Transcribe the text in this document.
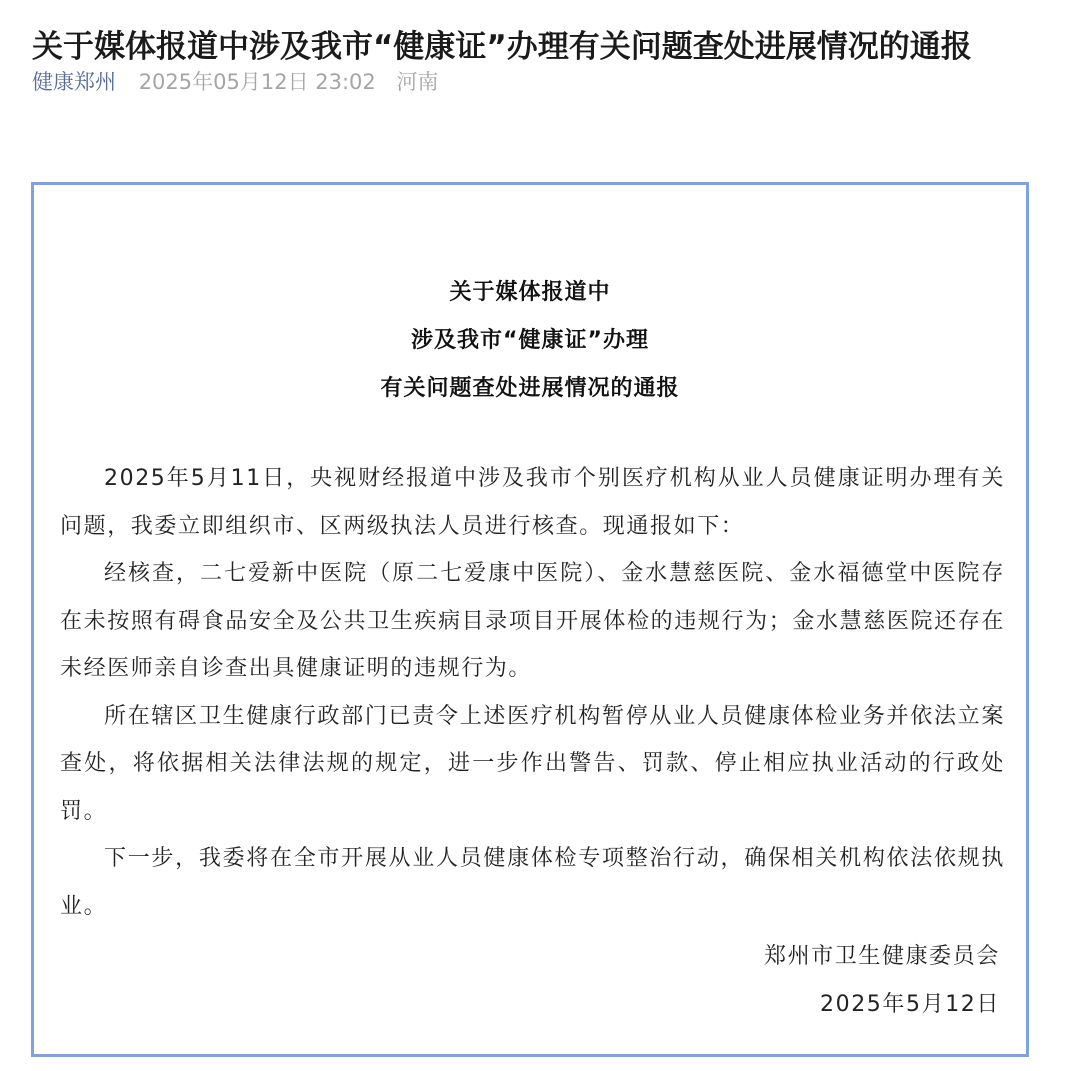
关于媒体报道中涉及我市“健康证”办理有关问题查处进展情况的通报
健康郑州 2025年05月12日 23:02 河南
关于媒体报道中
涉及我市“健康证”办理
有关问题查处进展情况的通报

2025年5月11日，央视财经报道中涉及我市个别医疗机构从业人员健康证明办理有关问题，我委立即组织市、区两级执法人员进行核查。现通报如下：

经核查，二七爱新中医院（原二七爱康中医院）、金水慧慈医院、金水福德堂中医院存在未按照有碍食品安全及公共卫生疾病目录项目开展体检的违规行为；金水慧慈医院还存在未经医师亲自诊查出具健康证明的违规行为。

所在辖区卫生健康行政部门已责令上述医疗机构暂停从业人员健康体检业务并依法立案查处，将依据相关法律法规的规定，进一步作出警告、罚款、停止相应执业活动的行政处罚。

下一步，我委将在全市开展从业人员健康体检专项整治行动，确保相关机构依法依规执业。

郑州市卫生健康委员会
2025年5月12日
